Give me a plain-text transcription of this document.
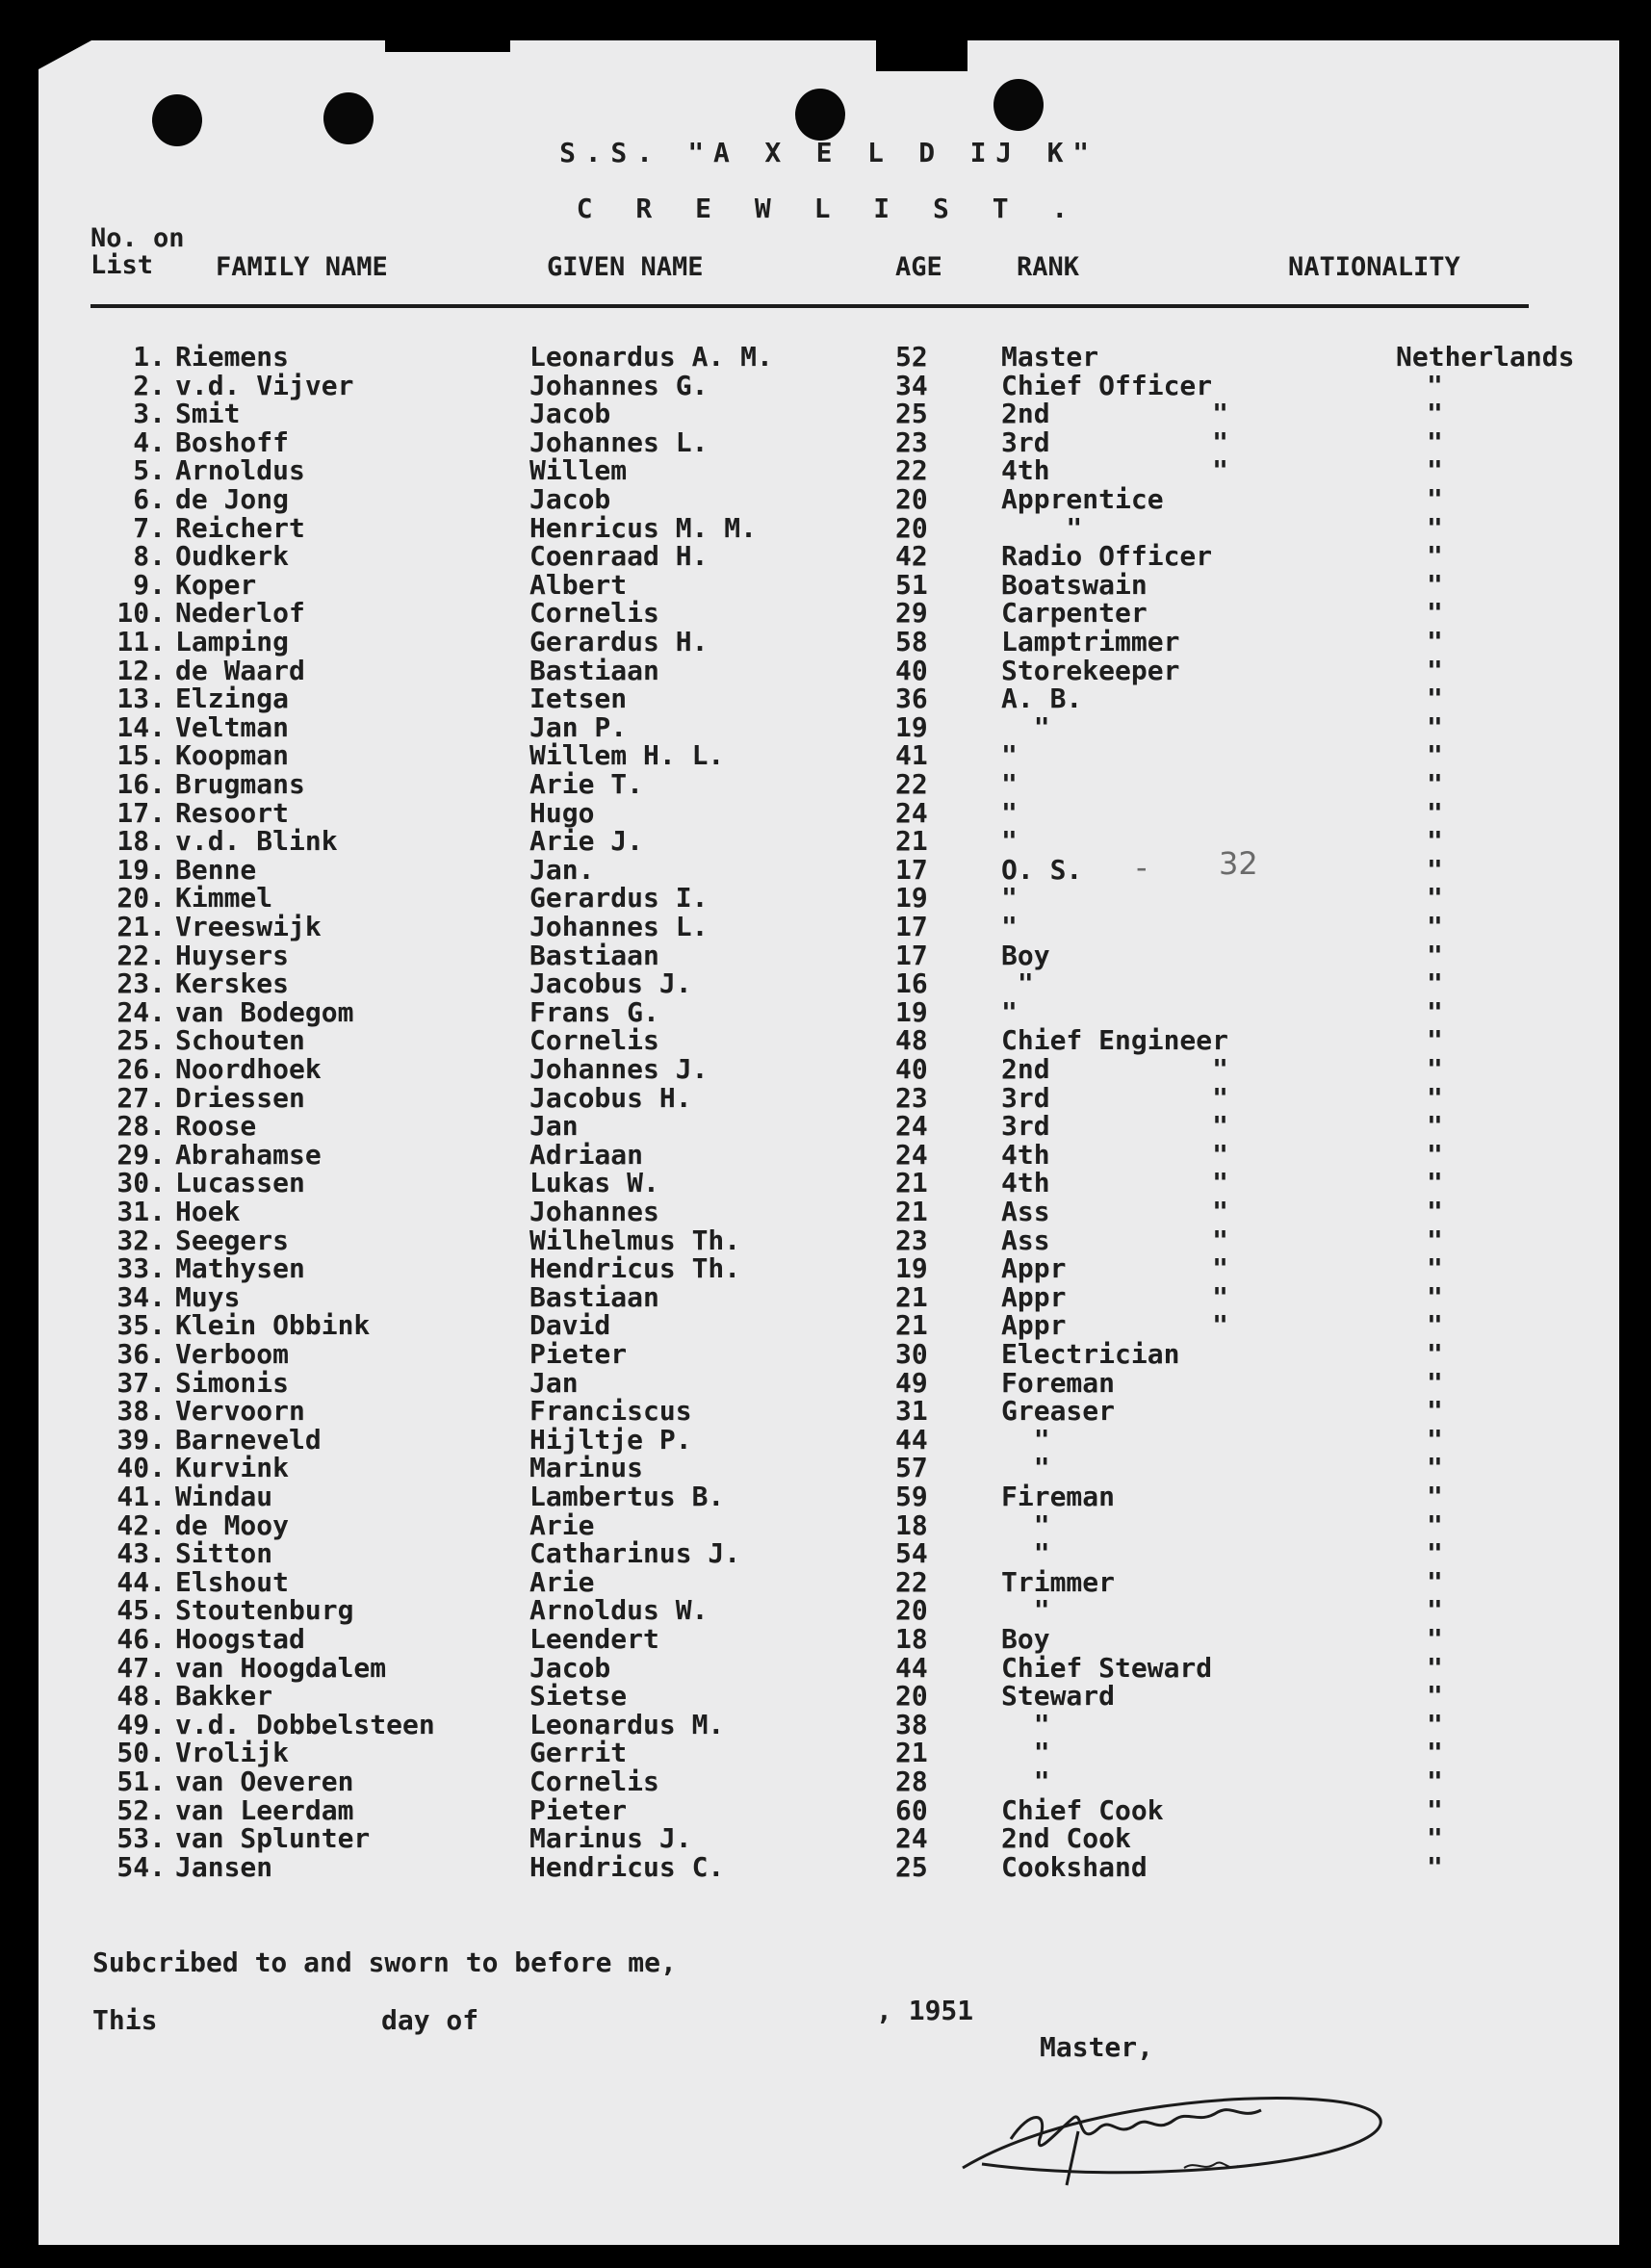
S.S. "A X E L D IJ K"
C R E W L I S T .
No. on
List FAMILY NAME	GIVEN NAME	AGE	RANK	NATIONALITY
1. Riemens	Leonardus A. M.	52	Master	Netherlands
2. v.d. Vijver	Johannes G.	34	Chief Officer	"
3. Smit	Jacob	25	2nd          "	"
4. Boshoff	Johannes L.	23	3rd          "	"
5. Arnoldus	Willem	22	4th          "	"
6. de Jong	Jacob	20	Apprentice	"
7. Reichert	Henricus M. M.	20	"	"
8. Oudkerk	Coenraad H.	42	Radio Officer	"
9. Koper	Albert	51	Boatswain	"
10. Nederlof	Cornelis	29	Carpenter	"
11. Lamping	Gerardus H.	58	Lamptrimmer	"
12. de Waard	Bastiaan	40	Storekeeper	"
13. Elzinga	Ietsen	36	A. B.	"
14. Veltman	Jan P.	19	"	"
15. Koopman	Willem H. L.	41	"	"
16. Brugmans	Arie T.	22	"	"
17. Resoort	Hugo	24	"	"
18. v.d. Blink	Arie J.	21	"	"
19. Benne	Jan.	17	O. S.	"
20. Kimmel	Gerardus I.	19	"	"
21. Vreeswijk	Johannes L.	17	"	"
22. Huysers	Bastiaan	17	Boy	"
23. Kerskes	Jacobus J.	16	"	"
24. van Bodegom	Frans G.	19	"	"
25. Schouten	Cornelis	48	Chief Engineer	"
26. Noordhoek	Johannes J.	40	2nd          "	"
27. Driessen	Jacobus H.	23	3rd          "	"
28. Roose	Jan	24	3rd          "	"
29. Abrahamse	Adriaan	24	4th          "	"
30. Lucassen	Lukas W.	21	4th          "	"
31. Hoek	Johannes	21	Ass          "	"
32. Seegers	Wilhelmus Th.	23	Ass          "	"
33. Mathysen	Hendricus Th.	19	Appr         "	"
34. Muys	Bastiaan	21	Appr         "	"
35. Klein Obbink	David	21	Appr         "	"
36. Verboom	Pieter	30	Electrician	"
37. Simonis	Jan	49	Foreman	"
38. Vervoorn	Franciscus	31	Greaser	"
39. Barneveld	Hijltje P.	44	"	"
40. Kurvink	Marinus	57	"	"
41. Windau	Lambertus B.	59	Fireman	"
42. de Mooy	Arie	18	"	"
43. Sitton	Catharinus J.	54	"	"
44. Elshout	Arie	22	Trimmer	"
45. Stoutenburg	Arnoldus W.	20	"	"
46. Hoogstad	Leendert	18	Boy	"
47. van Hoogdalem	Jacob	44	Chief Steward	"
48. Bakker	Sietse	20	Steward	"
49. v.d. Dobbelsteen	Leonardus M.	38	"	"
50. Vrolijk	Gerrit	21	"	"
51. van Oeveren	Cornelis	28	"	"
52. van Leerdam	Pieter	60	Chief Cook	"
53. van Splunter	Marinus J.	24	2nd Cook	"
54. Jansen	Hendricus C.	25	Cookshand	"
- 32
Subcribed to and sworn to before me,
This	day of	, 1951
Master,
